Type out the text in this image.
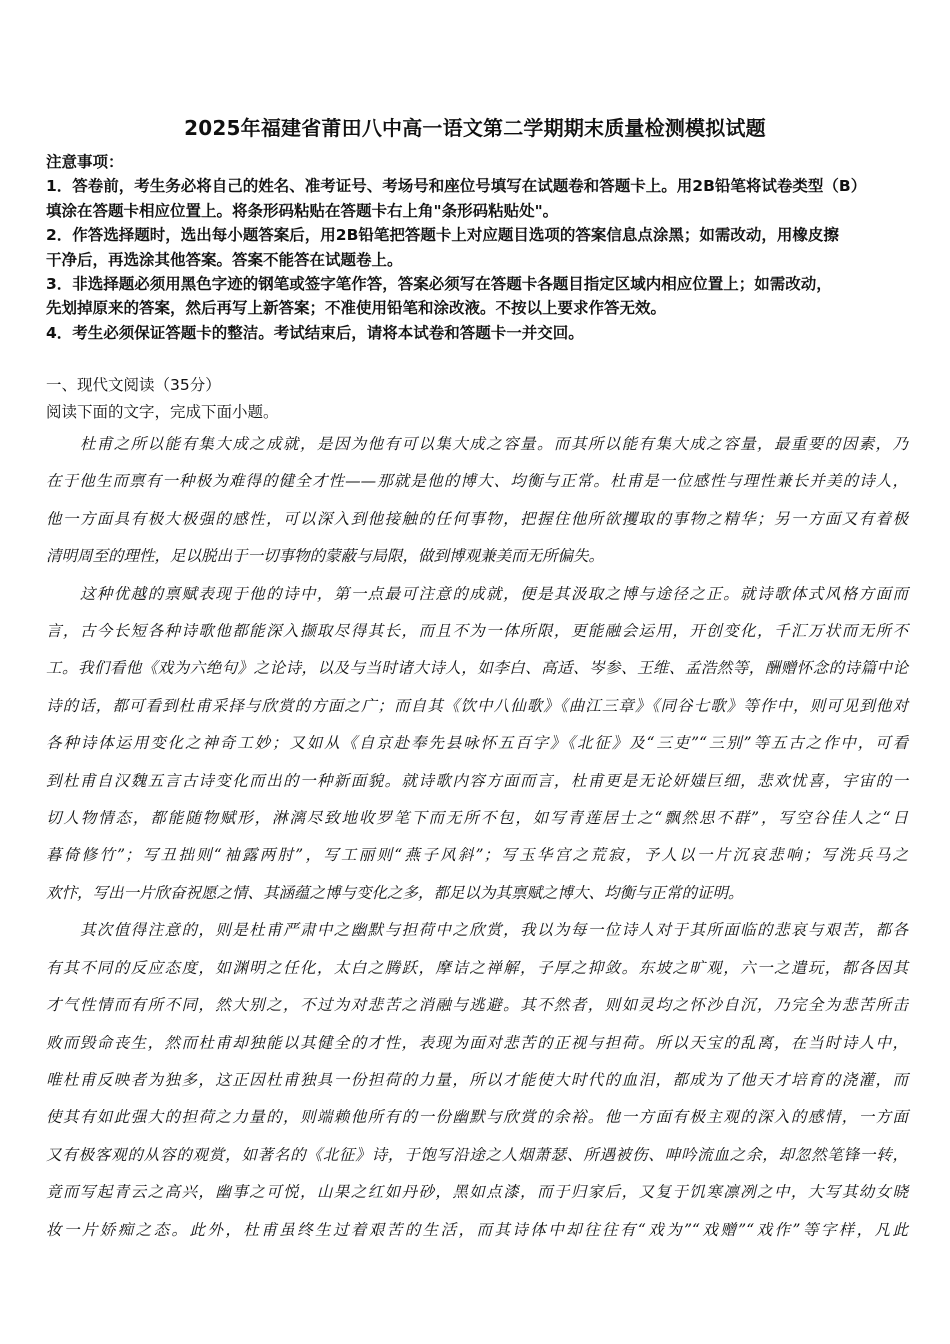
2025年福建省莆田八中高一语文第二学期期末质量检测模拟试题
注意事项：
1．答卷前，考生务必将自己的姓名、准考证号、考场号和座位号填写在试题卷和答题卡上。用2B铅笔将试卷类型（B）
填涂在答题卡相应位置上。将条形码粘贴在答题卡右上角"条形码粘贴处"。
2．作答选择题时，选出每小题答案后，用2B铅笔把答题卡上对应题目选项的答案信息点涂黑；如需改动，用橡皮擦
干净后，再选涂其他答案。答案不能答在试题卷上。
3．非选择题必须用黑色字迹的钢笔或签字笔作答，答案必须写在答题卡各题目指定区域内相应位置上；如需改动，
先划掉原来的答案，然后再写上新答案；不准使用铅笔和涂改液。不按以上要求作答无效。
4．考生必须保证答题卡的整洁。考试结束后，请将本试卷和答题卡一并交回。
一、现代文阅读（35分）
阅读下面的文字，完成下面小题。
　　杜甫之所以能有集大成之成就，是因为他有可以集大成之容量。而其所以能有集大成之容量，最重要的因素，乃
在于他生而禀有一种极为难得的健全才性——那就是他的博大、均衡与正常。杜甫是一位感性与理性兼长并美的诗人，
他一方面具有极大极强的感性，可以深入到他接触的任何事物，把握住他所欲攫取的事物之精华；另一方面又有着极
清明周至的理性，足以脱出于一切事物的蒙蔽与局限，做到博观兼美而无所偏失。
　　这种优越的禀赋表现于他的诗中，第一点最可注意的成就，便是其汲取之博与途径之正。就诗歌体式风格方面而
言，古今长短各种诗歌他都能深入撷取尽得其长，而且不为一体所限，更能融会运用，开创变化，千汇万状而无所不
工。我们看他《戏为六绝句》之论诗，以及与当时诸大诗人，如李白、高适、岑参、王维、孟浩然等，酬赠怀念的诗篇中论
诗的话，都可看到杜甫采择与欣赏的方面之广；而自其《饮中八仙歌》《曲江三章》《同谷七歌》等作中，则可见到他对
各种诗体运用变化之神奇工妙；又如从《自京赴奉先县咏怀五百字》《北征》及“三吏”“三别”等五古之作中，可看
到杜甫自汉魏五言古诗变化而出的一种新面貌。就诗歌内容方面而言，杜甫更是无论妍媸巨细，悲欢忧喜，宇宙的一
切人物情态，都能随物赋形，淋漓尽致地收罗笔下而无所不包，如写青莲居士之“飘然思不群”，写空谷佳人之“日
暮倚修竹”；写丑拙则“袖露两肘”，写工丽则“燕子风斜”；写玉华宫之荒寂，予人以一片沉哀悲响；写洗兵马之
欢忭，写出一片欣奋祝愿之情、其涵蕴之博与变化之多，都足以为其禀赋之博大、均衡与正常的证明。
　　其次值得注意的，则是杜甫严肃中之幽默与担荷中之欣赏，我以为每一位诗人对于其所面临的悲哀与艰苦，都各
有其不同的反应态度，如渊明之任化，太白之腾跃，摩诘之禅解，子厚之抑敛。东坡之旷观，六一之遣玩，都各因其
才气性情而有所不同，然大别之，不过为对悲苦之消融与逃避。其不然者，则如灵均之怀沙自沉，乃完全为悲苦所击
败而毁命丧生，然而杜甫却独能以其健全的才性，表现为面对悲苦的正视与担荷。所以天宝的乱离，在当时诗人中，
唯杜甫反映者为独多，这正因杜甫独具一份担荷的力量，所以才能使大时代的血泪，都成为了他天才培育的浇灌，而
使其有如此强大的担荷之力量的，则端赖他所有的一份幽默与欣赏的余裕。他一方面有极主观的深入的感情，一方面
又有极客观的从容的观赏，如著名的《北征》诗，于饱写沿途之人烟萧瑟、所遇被伤、呻吟流血之余，却忽然笔锋一转，
竟而写起青云之高兴，幽事之可悦，山果之红如丹砂，黑如点漆，而于归家后，又复于饥寒凛冽之中，大写其幼女晓
妆一片娇痴之态。此外，杜甫虽终生过着艰苦的生活，而其诗体中却往往有“戏为”“戏赠”“戏作”等字样，凡此
